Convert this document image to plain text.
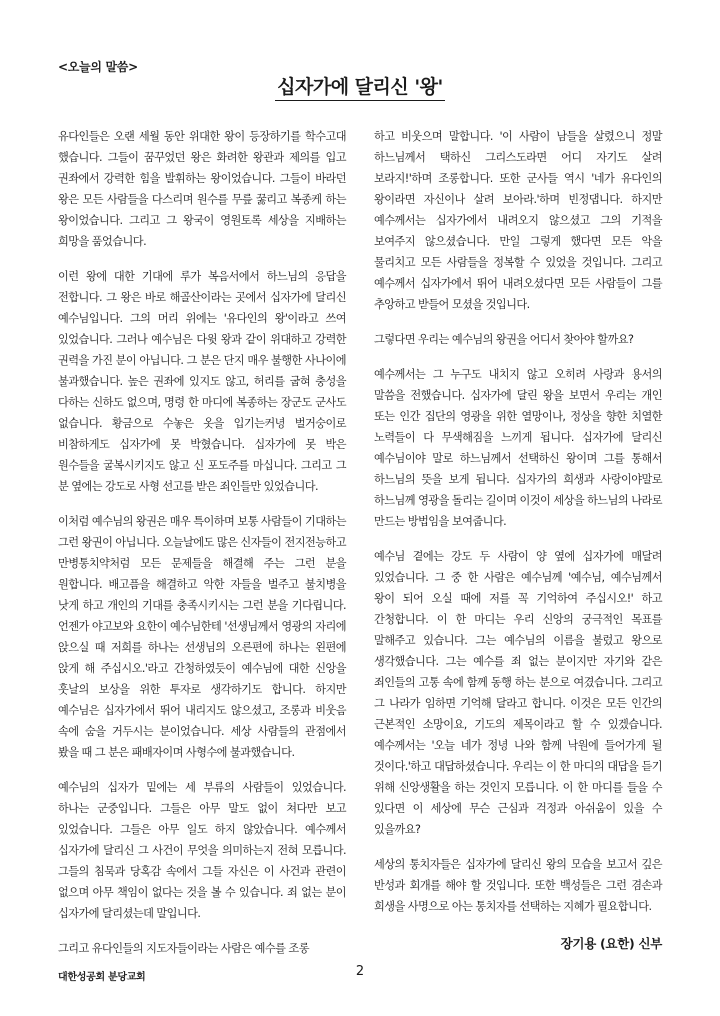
<오늘의 말씀>
십자가에 달리신 '왕'

유다인들은 오랜 세월 동안 위대한 왕이 등장하기를 학수고대 했습니다. 그들이 꿈꾸었던 왕은 화려한 왕관과 제의를 입고 권좌에서 강력한 힘을 발휘하는 왕이었습니다. 그들이 바라던 왕은 모든 사람들을 다스리며 원수를 무릎 꿇리고 복종케 하는 왕이었습니다. 그리고 그 왕국이 영원토록 세상을 지배하는 희망을 품었습니다.

이런 왕에 대한 기대에 루가 복음서에서 하느님의 응답을 전합니다. 그 왕은 바로 해골산이라는 곳에서 십자가에 달리신 예수님입니다. 그의 머리 위에는 '유다인의 왕'이라고 쓰여 있었습니다. 그러나 예수님은 다윗 왕과 같이 위대하고 강력한 권력을 가진 분이 아닙니다. 그 분은 단지 매우 불행한 사나이에 불과했습니다. 높은 권좌에 있지도 않고, 허리를 굽혀 충성을 다하는 신하도 없으며, 명령 한 마디에 복종하는 장군도 군사도 없습니다. 황금으로 수놓은 옷을 입기는커녕 벌거숭이로 비참하게도 십자가에 못 박혔습니다. 십자가에 못 박은 원수들을 굴복시키지도 않고 신 포도주를 마십니다. 그리고 그 분 옆에는 강도로 사형 선고를 받은 죄인들만 있었습니다.

이처럼 예수님의 왕권은 매우 특이하며 보통 사람들이 기대하는 그런 왕권이 아닙니다. 오늘날에도 많은 신자들이 전지전능하고 만병통치약처럼 모든 문제들을 해결해 주는 그런 분을 원합니다. 배고픔을 해결하고 악한 자들을 벌주고 불치병을 낫게 하고 개인의 기대를 충족시키시는 그런 분을 기다립니다. 언젠가 야고보와 요한이 예수님한테 '선생님께서 영광의 자리에 앉으실 때 저희를 하나는 선생님의 오른편에 하나는 왼편에 앉게 해 주십시오.'라고 간청하였듯이 예수님에 대한 신앙을 훗날의 보상을 위한 투자로 생각하기도 합니다. 하지만 예수님은 십자가에서 뛰어 내리지도 않으셨고, 조롱과 비웃음 속에 숨을 거두시는 분이었습니다. 세상 사람들의 관점에서 봤을 때 그 분은 패배자이며 사형수에 불과했습니다.

예수님의 십자가 밑에는 세 부류의 사람들이 있었습니다. 하나는 군중입니다. 그들은 아무 말도 없이 쳐다만 보고 있었습니다. 그들은 아무 일도 하지 않았습니다. 예수께서 십자가에 달리신 그 사건이 무엇을 의미하는지 전혀 모릅니다. 그들의 침묵과 당혹감 속에서 그들 자신은 이 사건과 관련이 없으며 아무 책임이 없다는 것을 볼 수 있습니다. 죄 없는 분이 십자가에 달리셨는데 말입니다.

그리고 유다인들의 지도자들이라는 사람은 예수를 조롱

하고 비웃으며 말합니다. '이 사람이 남들을 살렸으니 정말 하느님께서 택하신 그리스도라면 어디 자기도 살려 보라지!'하며 조롱합니다. 또한 군사들 역시 '네가 유다인의 왕이라면 자신이나 살려 보아라.'하며 빈정댑니다. 하지만 예수께서는 십자가에서 내려오지 않으셨고 그의 기적을 보여주지 않으셨습니다. 만일 그렇게 했다면 모든 악을 물리치고 모든 사람들을 정복할 수 있었을 것입니다. 그리고 예수께서 십자가에서 뛰어 내려오셨다면 모든 사람들이 그를 추앙하고 받들어 모셨을 것입니다.

그렇다면 우리는 예수님의 왕권을 어디서 찾아야 할까요?

예수께서는 그 누구도 내치지 않고 오히려 사랑과 용서의 말씀을 전했습니다. 십자가에 달린 왕을 보면서 우리는 개인 또는 인간 집단의 영광을 위한 열망이나, 정상을 향한 치열한 노력들이 다 무색해짐을 느끼게 됩니다. 십자가에 달리신 예수님이야 말로 하느님께서 선택하신 왕이며 그를 통해서 하느님의 뜻을 보게 됩니다. 십자가의 희생과 사랑이야말로 하느님께 영광을 돌리는 길이며 이것이 세상을 하느님의 나라로 만드는 방법임을 보여줍니다.

예수님 곁에는 강도 두 사람이 양 옆에 십자가에 매달려 있었습니다. 그 중 한 사람은 예수님께 '예수님, 예수님께서 왕이 되어 오실 때에 저를 꼭 기억하여 주십시오!' 하고 간청합니다. 이 한 마디는 우리 신앙의 궁극적인 목표를 말해주고 있습니다. 그는 예수님의 이름을 불렀고 왕으로 생각했습니다. 그는 예수를 죄 없는 분이지만 자기와 같은 죄인들의 고통 속에 함께 동행 하는 분으로 여겼습니다. 그리고 그 나라가 임하면 기억해 달라고 합니다. 이것은 모든 인간의 근본적인 소망이요, 기도의 제목이라고 할 수 있겠습니다. 예수께서는 '오늘 네가 정녕 나와 함께 낙원에 들어가게 될 것이다.'하고 대답하셨습니다. 우리는 이 한 마디의 대답을 듣기 위해 신앙생활을 하는 것인지 모릅니다. 이 한 마디를 들을 수 있다면 이 세상에 무슨 근심과 걱정과 아쉬움이 있을 수 있을까요?

세상의 통치자들은 십자가에 달리신 왕의 모습을 보고서 깊은 반성과 회개를 해야 할 것입니다. 또한 백성들은 그런 겸손과 희생을 사명으로 아는 통치자를 선택하는 지혜가 필요합니다.

장기용 (요한) 신부
대한성공회 분당교회	2
